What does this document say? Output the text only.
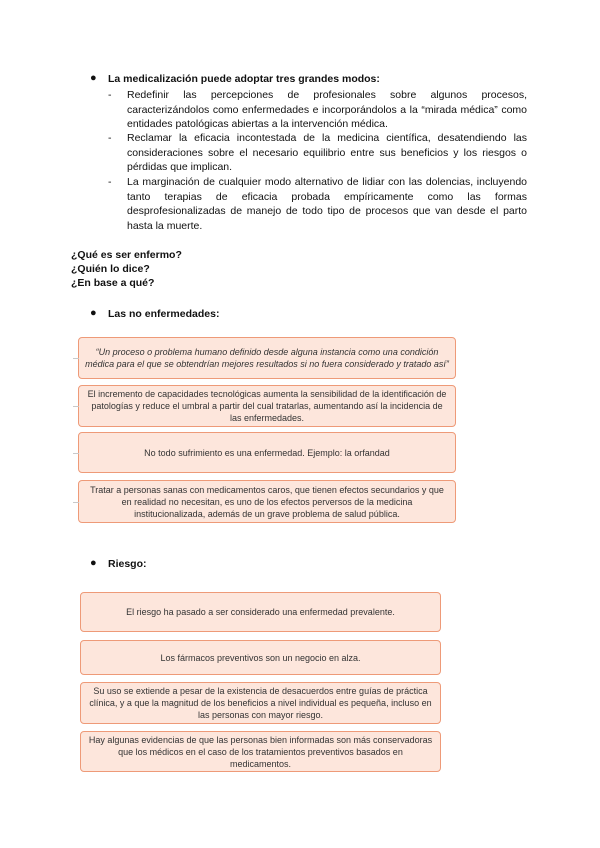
● La medicalización puede adoptar tres grandes modos:
- Redefinir las percepciones de profesionales sobre algunos procesos, caracterizándolos como enfermedades e incorporándolos a la “mirada médica” como entidades patológicas abiertas a la intervención médica.
- Reclamar la eficacia incontestada de la medicina científica, desatendiendo las consideraciones sobre el necesario equilibrio entre sus beneficios y los riesgos o pérdidas que implican.
- La marginación de cualquier modo alternativo de lidiar con las dolencias, incluyendo tanto terapias de eficacia probada empíricamente como las formas desprofesionalizadas de manejo de todo tipo de procesos que van desde el parto hasta la muerte.
¿Qué es ser enfermo?
¿Quién lo dice?
¿En base a qué?
● Las no enfermedades:
“Un proceso o problema humano definido desde alguna instancia como una condición médica para el que se obtendrían mejores resultados si no fuera considerado y tratado así”
El incremento de capacidades tecnológicas aumenta la sensibilidad de la identificación de patologías y reduce el umbral a partir del cual tratarlas, aumentando así la incidencia de las enfermedades.
No todo sufrimiento es una enfermedad. Ejemplo: la orfandad
Tratar a personas sanas con medicamentos caros, que tienen efectos secundarios y que en realidad no necesitan, es uno de los efectos perversos de la medicina institucionalizada, además de un grave problema de salud pública.
● Riesgo:
El riesgo ha pasado a ser considerado una enfermedad prevalente.
Los fármacos preventivos son un negocio en alza.
Su uso se extiende a pesar de la existencia de desacuerdos entre guías de práctica clínica, y a que la magnitud de los beneficios a nivel individual es pequeña, incluso en las personas con mayor riesgo.
Hay algunas evidencias de que las personas bien informadas son más conservadoras que los médicos en el caso de los tratamientos preventivos basados en medicamentos.
